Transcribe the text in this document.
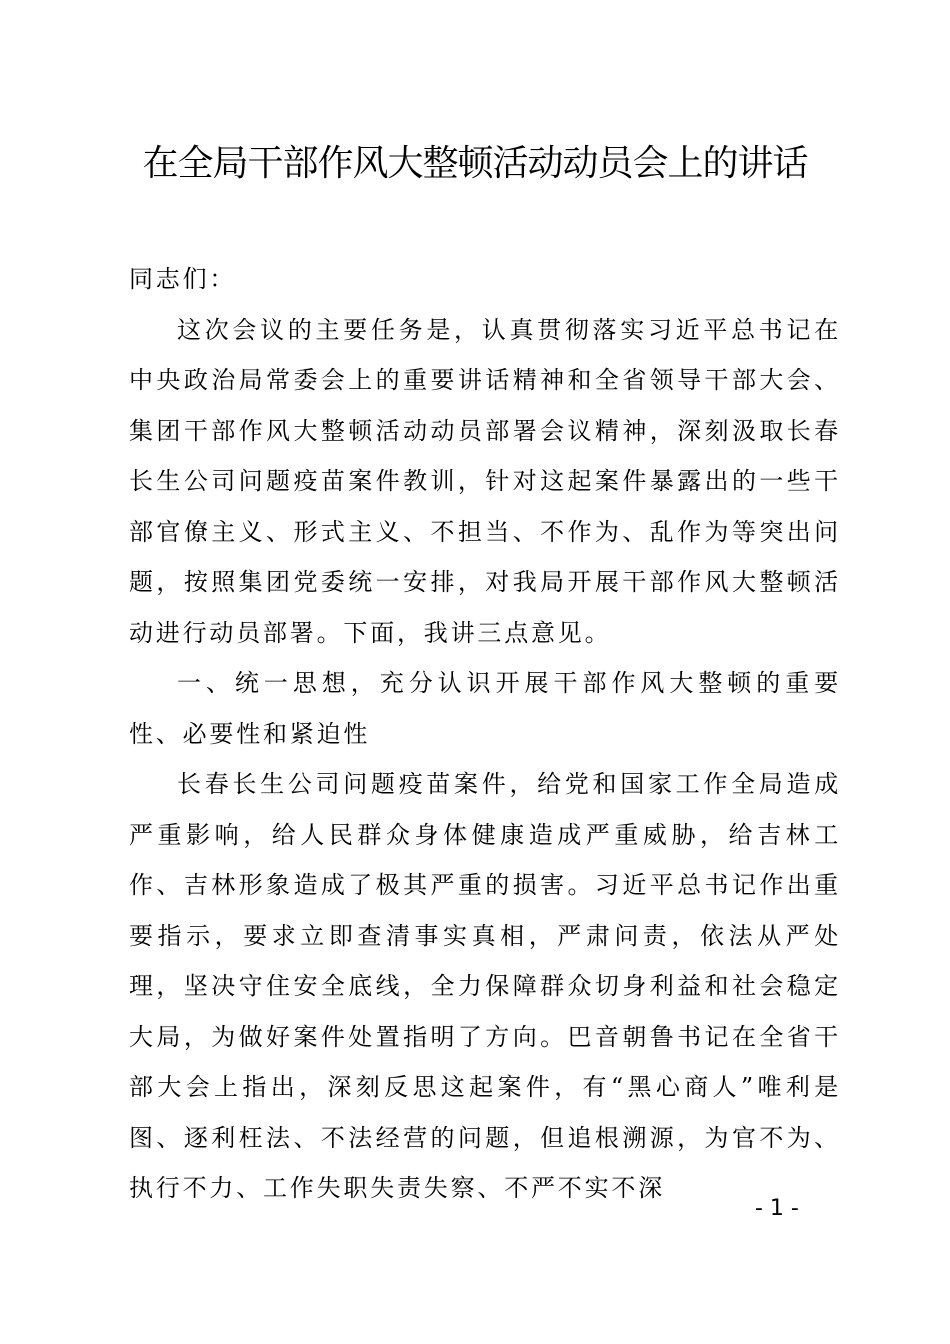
在全局干部作风大整顿活动动员会上的讲话

同志们：

这次会议的主要任务是，认真贯彻落实习近平总书记在中央政治局常委会上的重要讲话精神和全省领导干部大会、集团干部作风大整顿活动动员部署会议精神，深刻汲取长春长生公司问题疫苗案件教训，针对这起案件暴露出的一些干部官僚主义、形式主义、不担当、不作为、乱作为等突出问题，按照集团党委统一安排，对我局开展干部作风大整顿活动进行动员部署。下面，我讲三点意见。

一、统一思想，充分认识开展干部作风大整顿的重要性、必要性和紧迫性

长春长生公司问题疫苗案件，给党和国家工作全局造成严重影响，给人民群众身体健康造成严重威胁，给吉林工作、吉林形象造成了极其严重的损害。习近平总书记作出重要指示，要求立即查清事实真相，严肃问责，依法从严处理，坚决守住安全底线，全力保障群众切身利益和社会稳定大局，为做好案件处置指明了方向。巴音朝鲁书记在全省干部大会上指出，深刻反思这起案件，有“黑心商人”唯利是图、逐利枉法、不法经营的问题，但追根溯源，为官不为、执行不力、工作失职失责失察、不严不实不深

- 1 -
